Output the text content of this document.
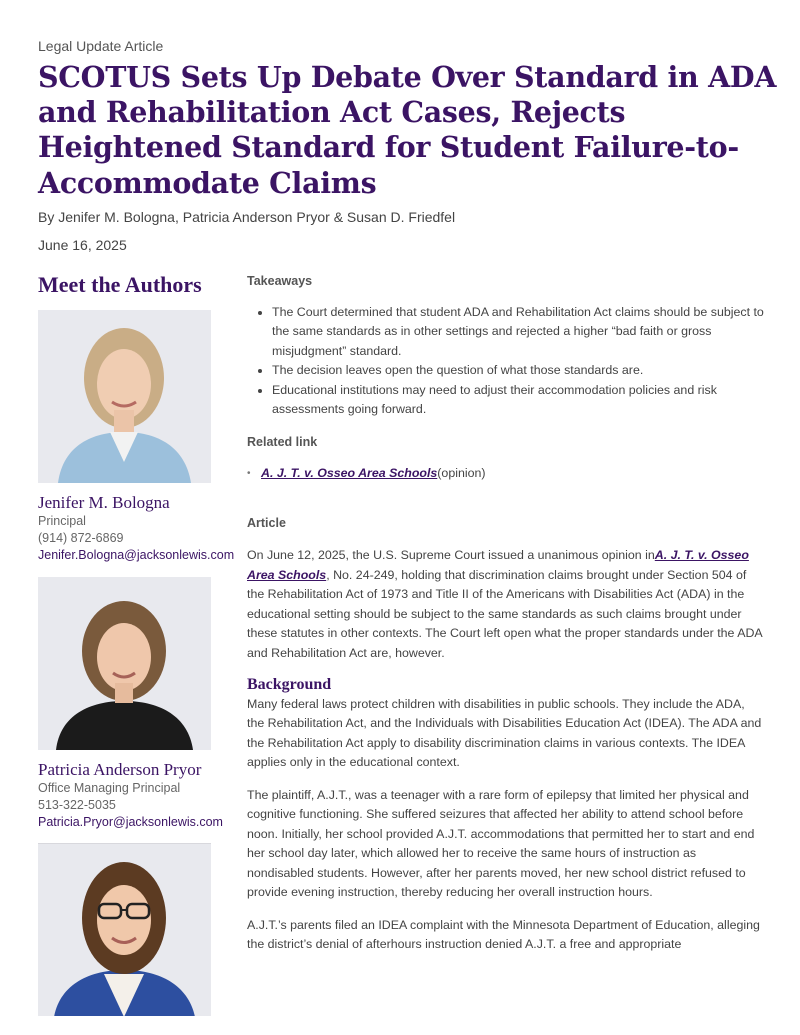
Legal Update Article
SCOTUS Sets Up Debate Over Standard in ADA and Rehabilitation Act Cases, Rejects Heightened Standard for Student Failure-to-Accommodate Claims
By Jenifer M. Bologna, Patricia Anderson Pryor & Susan D. Friedfel
June 16, 2025
Meet the Authors
Jenifer M. Bologna
Principal
(914) 872-6869
Jenifer.Bologna@jacksonlewis.com
Patricia Anderson Pryor
Office Managing Principal
513-322-5035
Patricia.Pryor@jacksonlewis.com
Takeaways
• The Court determined that student ADA and Rehabilitation Act claims should be subject to the same standards as in other settings and rejected a higher “bad faith or gross misjudgment” standard.
• The decision leaves open the question of what those standards are.
• Educational institutions may need to adjust their accommodation policies and risk assessments going forward.
Related link
• A. J. T. v. Osseo Area Schools(opinion)
Article

On June 12, 2025, the U.S. Supreme Court issued a unanimous opinion inA. J. T. v. Osseo Area Schools, No. 24-249, holding that discrimination claims brought under Section 504 of the Rehabilitation Act of 1973 and Title II of the Americans with Disabilities Act (ADA) in the educational setting should be subject to the same standards as such claims brought under these statutes in other contexts. The Court left open what the proper standards under the ADA and Rehabilitation Act are, however.

Background

Many federal laws protect children with disabilities in public schools. They include the ADA, the Rehabilitation Act, and the Individuals with Disabilities Education Act (IDEA). The ADA and the Rehabilitation Act apply to disability discrimination claims in various contexts. The IDEA applies only in the educational context.

The plaintiff, A.J.T., was a teenager with a rare form of epilepsy that limited her physical and cognitive functioning. She suffered seizures that affected her ability to attend school before noon. Initially, her school provided A.J.T. accommodations that permitted her to start and end her school day later, which allowed her to receive the same hours of instruction as nondisabled students. However, after her parents moved, her new school district refused to provide evening instruction, thereby reducing her overall instruction hours.

A.J.T.’s parents filed an IDEA complaint with the Minnesota Department of Education, alleging the district’s denial of afterhours instruction denied A.J.T. a free and appropriate
